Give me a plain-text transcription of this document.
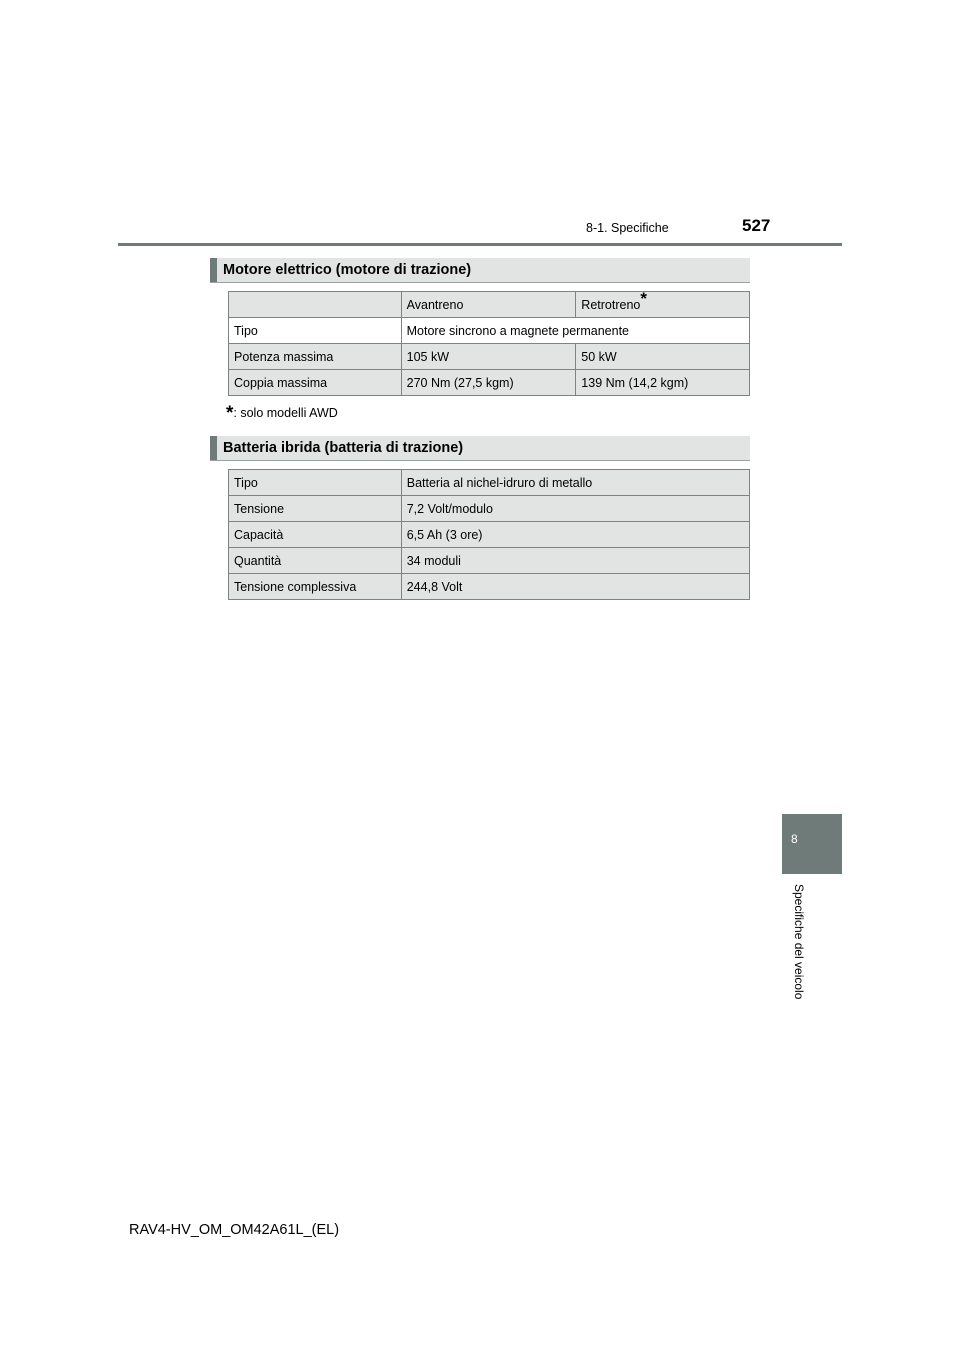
8-1. Specifiche	527
Motore elettrico (motore di trazione)
	Avantreno	Retrotreno*
Tipo	Motore sincrono a magnete permanente	
Potenza massima	105 kW	50 kW
Coppia massima	270 Nm (27,5 kgm)	139 Nm (14,2 kgm)
*: solo modelli AWD
Batteria ibrida (batteria di trazione)
Tipo	Batteria al nichel-idruro di metallo
Tensione	7,2 Volt/modulo
Capacità	6,5 Ah (3 ore)
Quantità	34 moduli
Tensione complessiva	244,8 Volt
8
Specifiche del veicolo
RAV4-HV_OM_OM42A61L_(EL)
